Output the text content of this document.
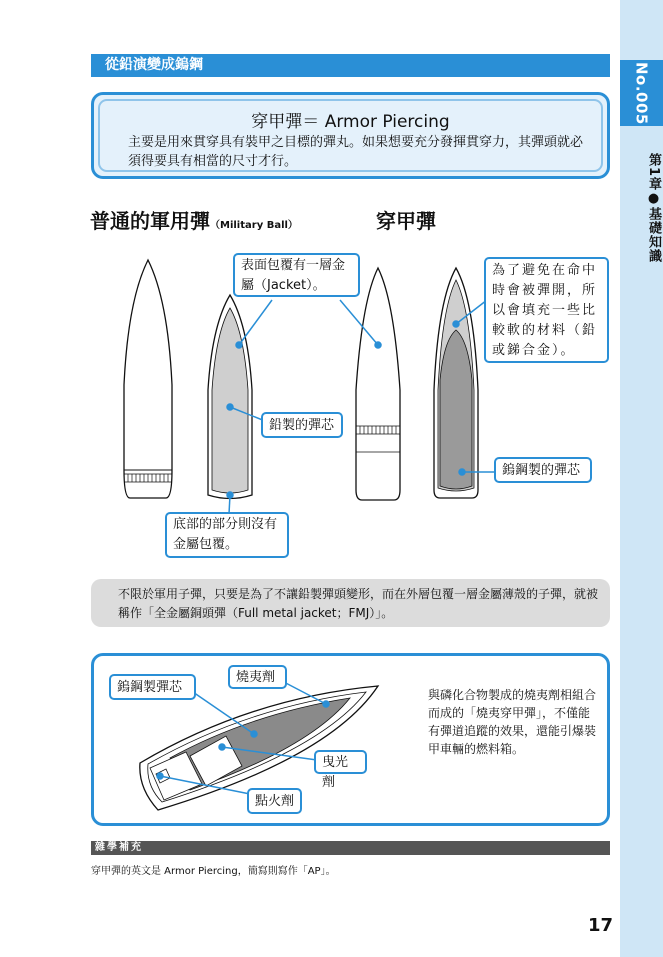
No.005
第1章●基礎知識
從鉛演變成鎢鋼
穿甲彈＝ Armor Piercing
主要是用來貫穿具有裝甲之目標的彈丸。如果想要充分發揮貫穿力，其彈頭就必須得要具有相當的尺寸才行。
普通的軍用彈（Military Ball）	穿甲彈
表面包覆有一層金屬（Jacket）。
鉛製的彈芯
底部的部分則沒有金屬包覆。
為了避免在命中時會被彈開，所以會填充一些比較軟的材料（鉛或銻合金）。
鎢鋼製的彈芯
不限於軍用子彈，只要是為了不讓鉛製彈頭變形，而在外層包覆一層金屬薄殼的子彈，就被稱作「全金屬銅頭彈（Full metal jacket；FMJ）」。
鎢鋼製彈芯
燒夷劑
曳光劑
點火劑
與磷化合物製成的燒夷劑相組合而成的「燒夷穿甲彈」，不僅能有彈道追蹤的效果，還能引爆裝甲車輛的燃料箱。
雜學補充
穿甲彈的英文是 Armor Piercing，簡寫則寫作「AP」。
17
